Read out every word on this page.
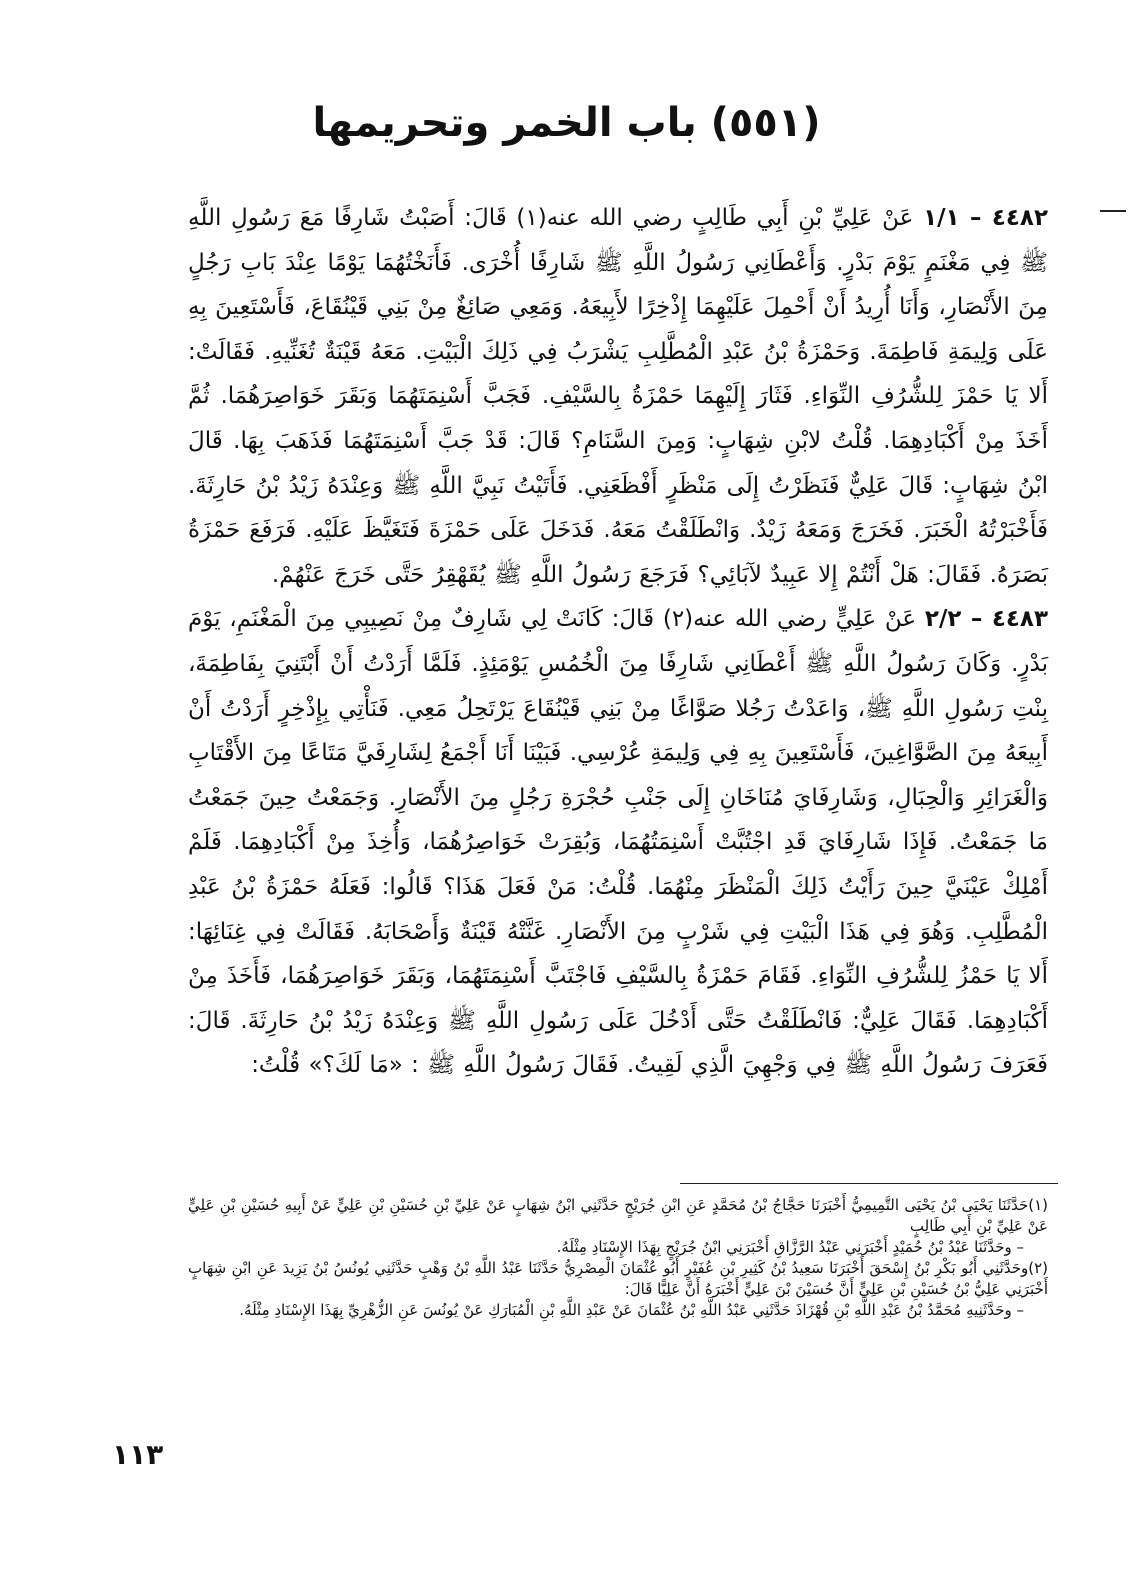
(٥٥١) باب الخمر وتحريمها

٤٤٨٢ – ١/١ عَنْ عَلِيِّ بْنِ أَبِي طَالِبٍ رضي الله عنه(١) قَالَ: أَصَبْتُ شَارِفًا مَعَ رَسُولِ اللَّهِ ﷺ فِي مَغْنَمٍ يَوْمَ بَدْرٍ. وَأَعْطَانِي رَسُولُ اللَّهِ ﷺ شَارِفًا أُخْرَى. فَأَنَخْتُهُمَا يَوْمًا عِنْدَ بَابِ رَجُلٍ مِنَ الأَنْصَارِ، وَأَنَا أُرِيدُ أَنْ أَحْمِلَ عَلَيْهِمَا إِذْخِرًا لأَبِيعَهُ. وَمَعِي صَائِغٌ مِنْ بَنِي قَيْنُقَاعَ، فَأَسْتَعِينَ بِهِ عَلَى وَلِيمَةِ فَاطِمَةَ. وَحَمْزَةُ بْنُ عَبْدِ الْمُطَّلِبِ يَشْرَبُ فِي ذَلِكَ الْبَيْتِ. مَعَهُ قَيْنَةٌ تُغَنِّيهِ. فَقَالَتْ: أَلا يَا حَمْزَ لِلشُّرُفِ النِّوَاءِ. فَثَارَ إِلَيْهِمَا حَمْزَةُ بِالسَّيْفِ. فَجَبَّ أَسْنِمَتَهُمَا وَبَقَرَ خَوَاصِرَهُمَا. ثُمَّ أَخَذَ مِنْ أَكْبَادِهِمَا. قُلْتُ لابْنِ شِهَابٍ: وَمِنَ السَّنَامِ؟ قَالَ: قَدْ جَبَّ أَسْنِمَتَهُمَا فَذَهَبَ بِهَا. قَالَ ابْنُ شِهَابٍ: قَالَ عَلِيٌّ فَنَظَرْتُ إِلَى مَنْظَرٍ أَفْظَعَنِي. فَأَتَيْتُ نَبِيَّ اللَّهِ ﷺ وَعِنْدَهُ زَيْدُ بْنُ حَارِثَةَ. فَأَخْبَرْتُهُ الْخَبَرَ. فَخَرَجَ وَمَعَهُ زَيْدٌ. وَانْطَلَقْتُ مَعَهُ. فَدَخَلَ عَلَى حَمْزَةَ فَتَغَيَّظَ عَلَيْهِ. فَرَفَعَ حَمْزَةُ بَصَرَهُ. فَقَالَ: هَلْ أَنْتُمْ إِلا عَبِيدٌ لآبَائِي؟ فَرَجَعَ رَسُولُ اللَّهِ ﷺ يُقَهْقِرُ حَتَّى خَرَجَ عَنْهُمْ.

٤٤٨٣ – ٢/٢ عَنْ عَلِيٍّ رضي الله عنه(٢) قَالَ: كَانَتْ لِي شَارِفٌ مِنْ نَصِيبِي مِنَ الْمَغْنَمِ، يَوْمَ بَدْرٍ. وَكَانَ رَسُولُ اللَّهِ ﷺ أَعْطَانِي شَارِفًا مِنَ الْخُمُسِ يَوْمَئِذٍ. فَلَمَّا أَرَدْتُ أَنْ أَبْتَنِيَ بِفَاطِمَةَ، بِنْتِ رَسُولِ اللَّهِ ﷺ، وَاعَدْتُ رَجُلا صَوَّاغًا مِنْ بَنِي قَيْنُقَاعَ يَرْتَحِلُ مَعِي. فَنَأْتِي بِإِذْخِرٍ أَرَدْتُ أَنْ أَبِيعَهُ مِنَ الصَّوَّاغِينَ، فَأَسْتَعِينَ بِهِ فِي وَلِيمَةِ عُرْسِي. فَبَيْنَا أَنَا أَجْمَعُ لِشَارِفَيَّ مَتَاعًا مِنَ الأَقْتَابِ وَالْغَرَائِرِ وَالْحِبَالِ، وَشَارِفَايَ مُنَاخَانِ إِلَى جَنْبِ حُجْرَةِ رَجُلٍ مِنَ الأَنْصَارِ. وَجَمَعْتُ حِينَ جَمَعْتُ مَا جَمَعْتُ. فَإِذَا شَارِفَايَ قَدِ اجْتُبَّتْ أَسْنِمَتُهُمَا، وَبُقِرَتْ خَوَاصِرُهُمَا، وَأُخِذَ مِنْ أَكْبَادِهِمَا. فَلَمْ أَمْلِكْ عَيْنَيَّ حِينَ رَأَيْتُ ذَلِكَ الْمَنْظَرَ مِنْهُمَا. قُلْتُ: مَنْ فَعَلَ هَذَا؟ قَالُوا: فَعَلَهُ حَمْزَةُ بْنُ عَبْدِ الْمُطَّلِبِ. وَهُوَ فِي هَذَا الْبَيْتِ فِي شَرْبٍ مِنَ الأَنْصَارِ. غَنَّتْهُ قَيْنَةٌ وَأَصْحَابَهُ. فَقَالَتْ فِي غِنَائِهَا: أَلا يَا حَمْزُ لِلشُّرُفِ النِّوَاءِ. فَقَامَ حَمْزَةُ بِالسَّيْفِ فَاجْتَبَّ أَسْنِمَتَهُمَا، وَبَقَرَ خَوَاصِرَهُمَا، فَأَخَذَ مِنْ أَكْبَادِهِمَا. فَقَالَ عَلِيٌّ: فَانْطَلَقْتُ حَتَّى أَدْخُلَ عَلَى رَسُولِ اللَّهِ ﷺ وَعِنْدَهُ زَيْدُ بْنُ حَارِثَةَ. قَالَ: فَعَرَفَ رَسُولُ اللَّهِ ﷺ فِي وَجْهِيَ الَّذِي لَقِيتُ. فَقَالَ رَسُولُ اللَّهِ ﷺ : «مَا لَكَ؟» قُلْتُ:

(١)حَدَّثَنَا يَحْيَى بْنُ يَحْيَى التَّمِيمِيُّ أَخْبَرَنَا حَجَّاجُ بْنُ مُحَمَّدٍ عَنِ ابْنِ جُرَيْجٍ حَدَّثَنِي ابْنُ شِهَابٍ عَنْ عَلِيِّ بْنِ حُسَيْنِ بْنِ عَلِيٍّ عَنْ أَبِيهِ حُسَيْنِ بْنِ عَلِيٍّ عَنْ عَلِيِّ بْنِ أَبِي طَالِبٍ

– وحَدَّثَنَا عَبْدُ بْنُ حُمَيْدٍ أَخْبَرَنِي عَبْدُ الرَّزَّاقِ أَخْبَرَنِي ابْنُ جُرَيْجٍ بِهَذَا الإِسْنَادِ مِثْلَهُ.

(٢)وحَدَّثَنِي أَبُو بَكْرِ بْنُ إِسْحَقَ أَخْبَرَنَا سَعِيدُ بْنُ كَثِيرِ بْنِ عُفَيْرٍ أَبُو عُثْمَانَ الْمِصْرِيُّ حَدَّثَنَا عَبْدُ اللَّهِ بْنُ وَهْبٍ حَدَّثَنِي يُونُسُ بْنُ يَزِيدَ عَنِ ابْنِ شِهَابٍ أَخْبَرَنِي عَلِيُّ بْنُ حُسَيْنِ بْنِ عَلِيٍّ أَنَّ حُسَيْنَ بْنَ عَلِيٍّ أَخْبَرَهُ أَنَّ عَلِيًّا قَالَ:

– وحَدَّثَنِيهِ مُحَمَّدُ بْنُ عَبْدِ اللَّهِ بْنِ قُهْزَاذَ حَدَّثَنِي عَبْدُ اللَّهِ بْنُ عُثْمَانَ عَنْ عَبْدِ اللَّهِ بْنِ الْمُبَارَكِ عَنْ يُونُسَ عَنِ الزُّهْرِيِّ بِهَذَا الإِسْنَادِ مِثْلَهُ.

١١٣
